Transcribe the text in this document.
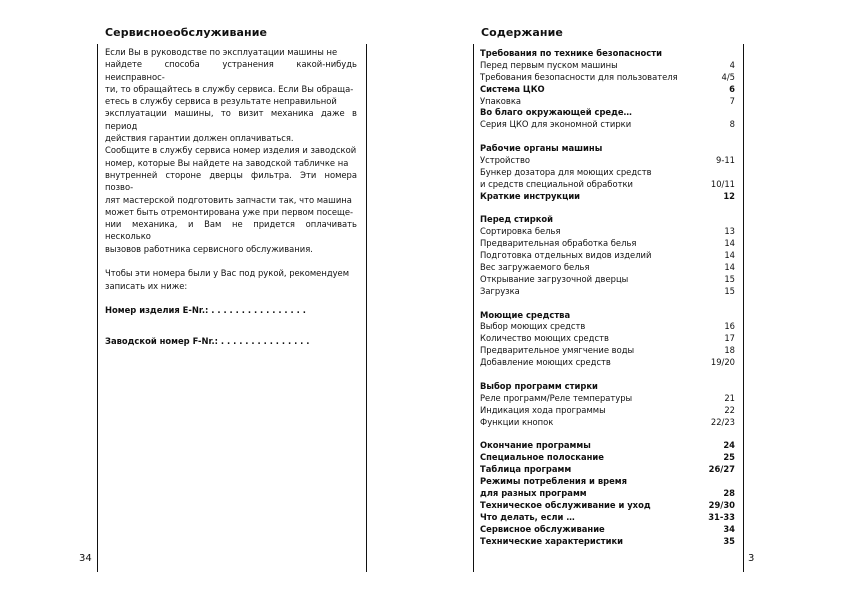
Сервисноеобслуживание	Содержание

Если Вы в руководстве по эксплуатации машины не

найдете способа устранения какой-нибудь неисправнос-

ти, то обращайтесь в службу сервиса. Если Вы обраща-

етесь в службу сервиса в результате неправильной

эксплуатации машины, то визит механика даже в период

действия гарантии должен оплачиваться.

Сообщите в службу сервиса номер изделия и заводской

номер, которые Вы найдете на заводской табличке на

внутренней стороне дверцы фильтра. Эти номера позво-

лят мастерской подготовить запчасти так, что машина

может быть отремонтирована уже при первом посеще-

нии механика, и Вам не придется оплачивать несколько

вызовов работника сервисного обслуживания.

Чтобы эти номера были у Вас под рукой, рекомендуем

записать их ниже:

Номер изделия E-Nr.: . . . . . . . . . . . . . . . .

Заводской номер F-Nr.: . . . . . . . . . . . . . . .

Требования по технике безопасности
Перед первым пуском машины	4
Требования безопасности для пользователя	4/5
Система ЦКО	6
Упаковка	7
Во благо окружающей среде…
Серия ЦКО для экономной стирки	8
Рабочие органы машины
Устройство	9-11
Бункер дозатора для моющих средств
и средств специальной обработки	10/11
Краткие инструкции	12
Перед стиркой
Сортировка белья	13
Предварительная обработка белья	14
Подготовка отдельных видов изделий	14
Вес загружаемого белья	14
Открывание загрузочной дверцы	15
Загрузка	15
Моющие средства
Выбор моющих средств	16
Количество моющих средств	17
Предварительное умягчение воды	18
Добавление моющих средств	19/20
Выбор программ стирки
Реле программ/Реле температуры	21
Индикация хода программы	22
Функции кнопок	22/23
Окончание программы	24
Специальное полоскание	25
Таблица программ	26/27
Режимы потребления и время
для разных программ	28
Техническое обслуживание и уход	29/30
Что делать, если …	31-33
Сервисное обслуживание	34
Технические характеристики	35
34	3
